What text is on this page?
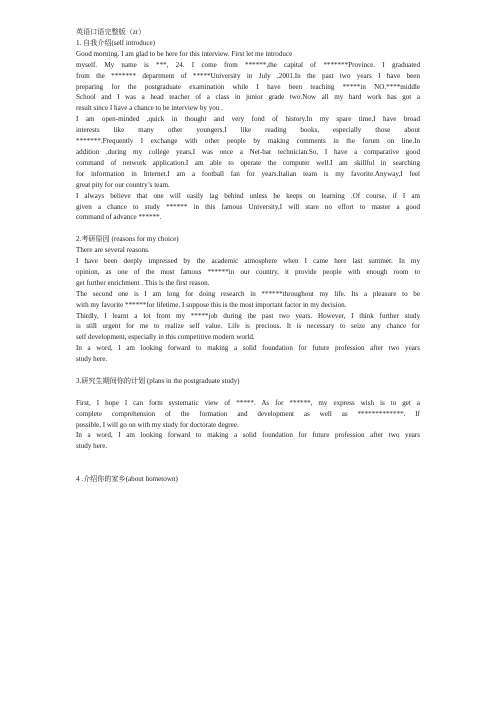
英语口语完整版（zr）
1. 自我介绍(self introduce)
Good morning. I am glad to be here for this interview. First let me introduce
myself. My name is ***, 24. I come from ******,the capital of *******Province. I graduated
from the ******* department of *****University in July ,2001.In the past two years I have been
preparing for the postgraduate examination while I have been teaching *****in NO.****middle
School and I was a head teacher of a class in junior grade two.Now all my hard work has got a
result since I have a chance to be interview by you .
I am open-minded ,quick in thought and very fond of history.In my spare time,I have broad
interests like many other youngers.I like reading books, especially those about
*******.Frequently I exchange with other people by making comments in the forum on line.In
addition ,during my college years,I was once a Net-bar technician.So, I have a comparative good
command of network application.I am able to operate the computer well.I am skillful in searching
for information in Internet.I am a football fan for years.Italian team is my favorite.Anyway,I feel
great pity for our country’s team.
I always believe that one will easily lag behind unless he keeps on learning .Of course, if I am
given a chance to study ****** in this famous University,I will stare no effort to master a good
command of advance ******.
2.考研原因 (reasons for my choice)
There are several reasons.
I have been deeply impressed by the academic atmosphere when I came here last summer. In my
opinion, as one of the most famous ******in our country, it provide people with enough room to
get further enrichment . This is the first reason.
The second one is I am long for doing research in ******throughout my life. Its a pleasure to be
with my favorite ******for lifetime. I suppose this is the most important factor in my decision.
Thirdly, I learnt a lot from my *****job during the past two years. However, I think further study
is still urgent for me to realize self value. Life is precious. It is necessary to seize any chance for
self development, especially in this competitive modern world.
In a word, I am looking forward to making a solid foundation for future profession after two years
study here.
3.研究生期间你的计划 (plans in the postgraduate study)
First, I hope I can form systematic view of *****. As for ******, my express wish is to get a
complete comprehension of the formation and development as well as *************. If
possible, I will go on with my study for doctorate degree.
In a word, I am looking forward to making a solid foundation for future profession after two years
study here.
4 .介绍你的家乡(about hometown)
